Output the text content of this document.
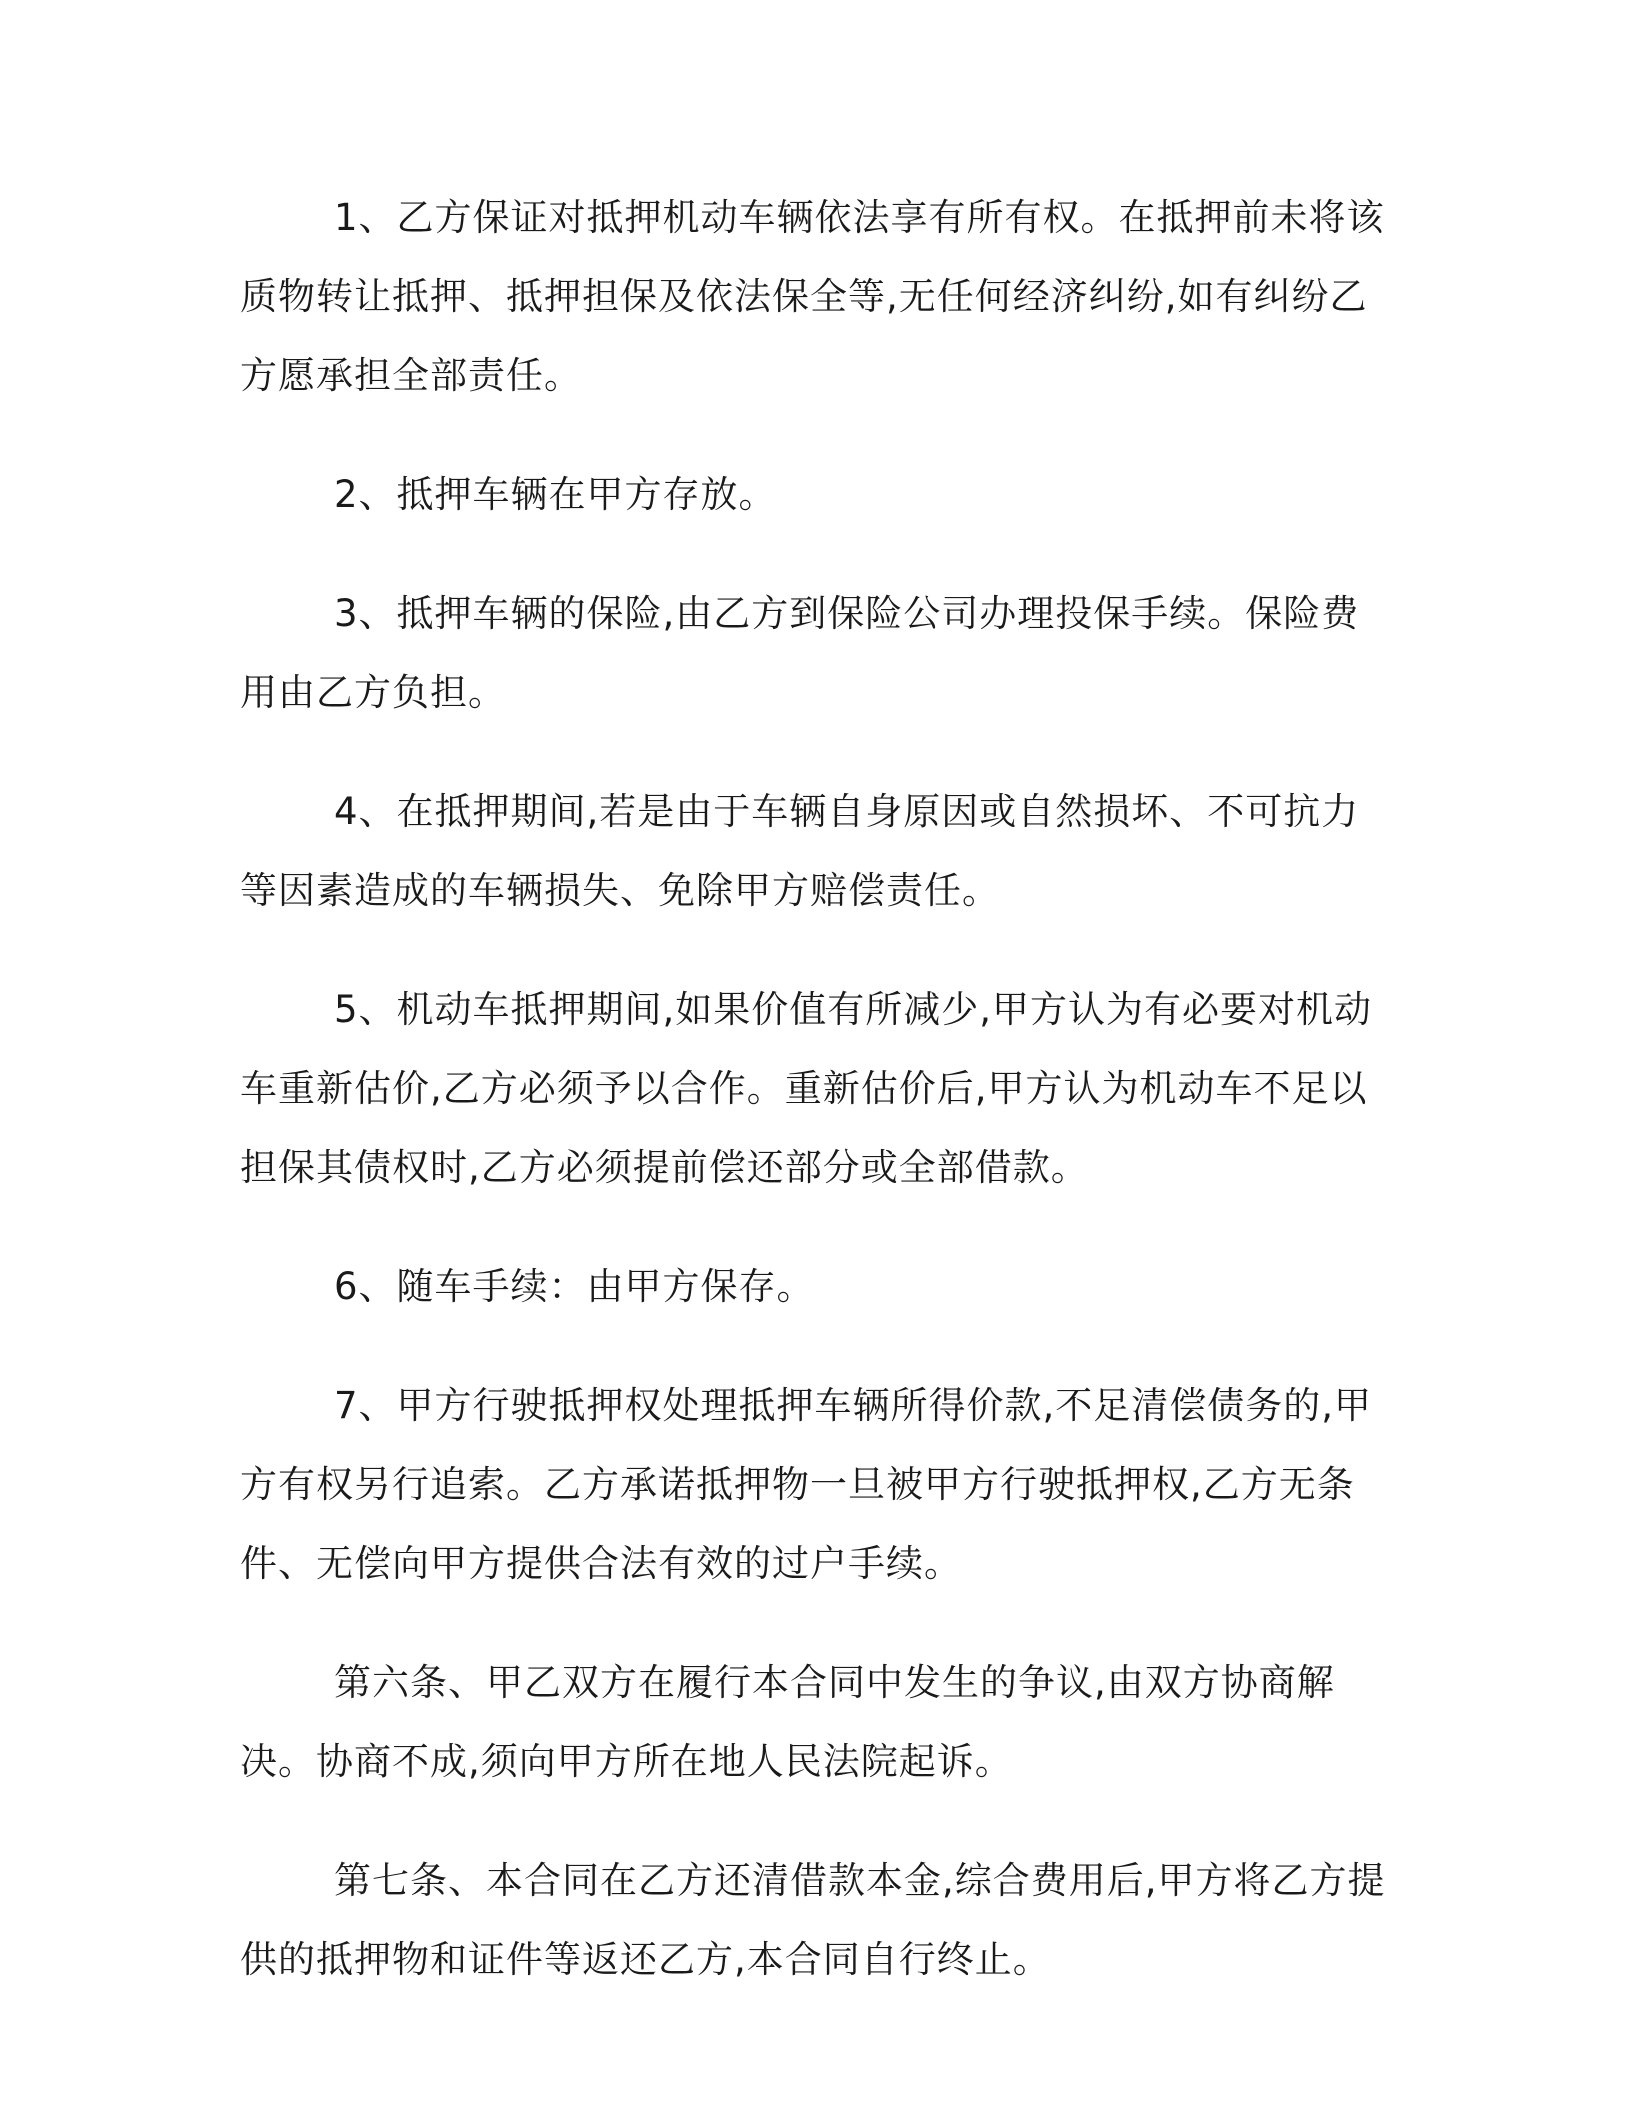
1、乙方保证对抵押机动车辆依法享有所有权。在抵押前未将该质物转让抵押、抵押担保及依法保全等,无任何经济纠纷,如有纠纷乙方愿承担全部责任。

2、抵押车辆在甲方存放。

3、抵押车辆的保险,由乙方到保险公司办理投保手续。保险费用由乙方负担。

4、在抵押期间,若是由于车辆自身原因或自然损坏、不可抗力等因素造成的车辆损失、免除甲方赔偿责任。

5、机动车抵押期间,如果价值有所减少,甲方认为有必要对机动车重新估价,乙方必须予以合作。重新估价后,甲方认为机动车不足以担保其债权时,乙方必须提前偿还部分或全部借款。

6、随车手续：由甲方保存。

7、甲方行驶抵押权处理抵押车辆所得价款,不足清偿债务的,甲方有权另行追索。乙方承诺抵押物一旦被甲方行驶抵押权,乙方无条件、无偿向甲方提供合法有效的过户手续。

第六条、甲乙双方在履行本合同中发生的争议,由双方协商解决。协商不成,须向甲方所在地人民法院起诉。

第七条、本合同在乙方还清借款本金,综合费用后,甲方将乙方提供的抵押物和证件等返还乙方,本合同自行终止。
